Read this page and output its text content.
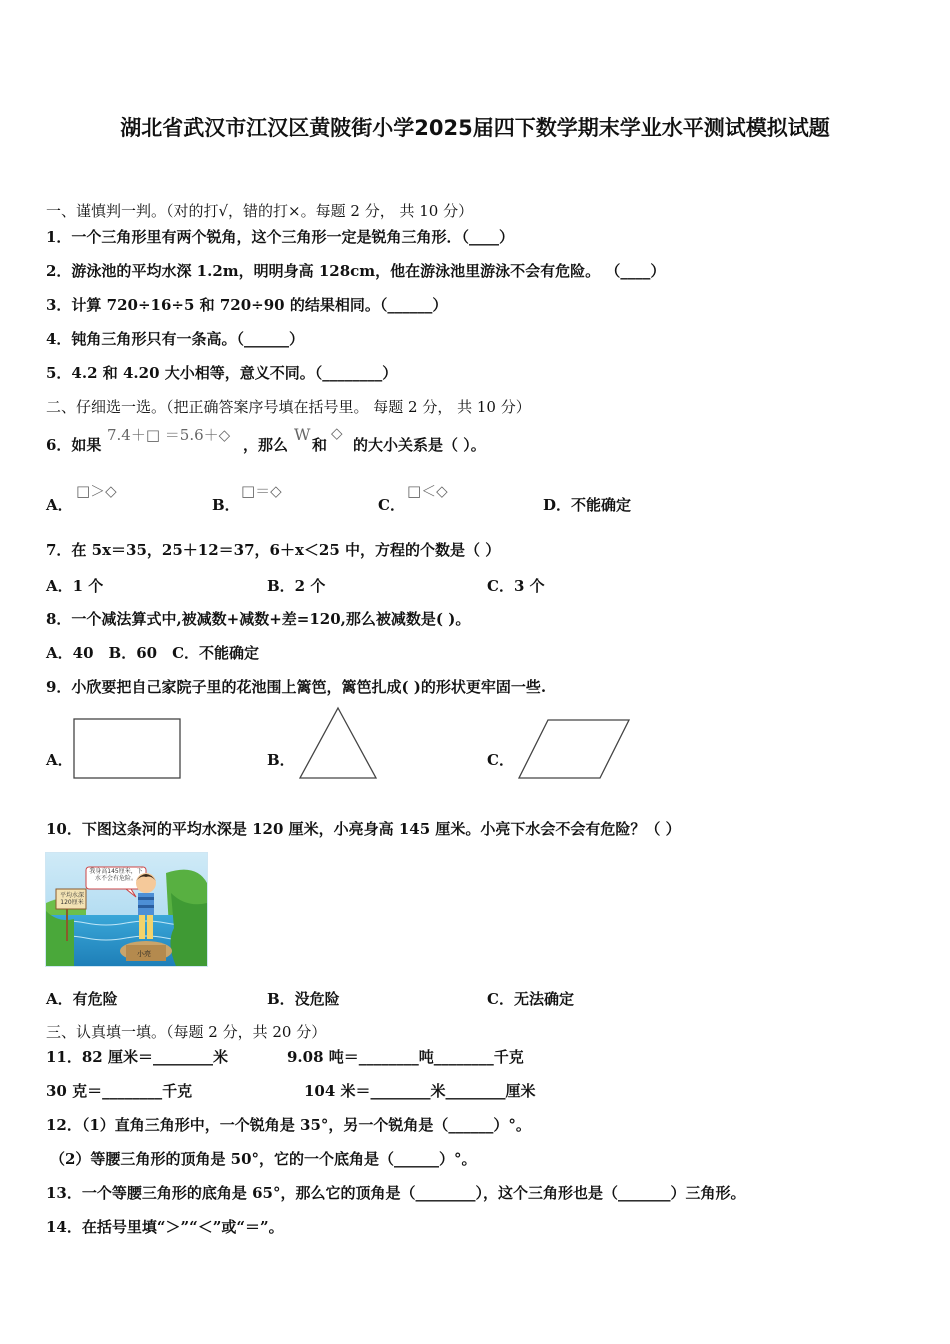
湖北省武汉市江汉区黄陂街小学2025届四下数学期末学业水平测试模拟试题
一、谨慎判一判。（对的打√，错的打×。每题 2 分， 共 10 分）
1．一个三角形里有两个锐角，这个三角形一定是锐角三角形．（____）
2．游泳池的平均水深 1.2m，明明身高 128cm，他在游泳池里游泳不会有危险。 （____）
3．计算 720÷16÷5 和 720÷90 的结果相同。（______）
4．钝角三角形只有一条高。（______）
5．4.2 和 4.20 大小相等，意义不同。（________）
二、仔细选一选。（把正确答案序号填在括号里。 每题 2 分， 共 10 分）
6．如果
7.4＋□ ＝5.6＋◇
，那么
W
和
◇
的大小关系是（ ）。
A．
□＞◇
B．
□＝◇
C．
□＜◇
D．不能确定
7．在 5x＝35，25＋12＝37，6＋x＜25 中，方程的个数是（ ）
A．1 个	B．2 个	C．3 个
8．一个减法算式中,被减数+减数+差=120,那么被减数是( )。
A．40　B．60　C．不能确定
9．小欣要把自己家院子里的花池围上篱笆，篱笆扎成( )的形状更牢固一些.
A．	B．	C．
10．下图这条河的平均水深是 120 厘米，小亮身高 145 厘米。小亮下水会不会有危险？（ ）
平均水深 120厘米
我身高145厘米，下水不会有危险。
小亮
A．有危险	B．没危险	C．无法确定
三、认真填一填。（每题 2 分，共 20 分）
11．82 厘米＝________米	9.08 吨＝________吨________千克
30 克＝________千克	104 米＝________米________厘米
12．（1）直角三角形中，一个锐角是 35°，另一个锐角是（______）°。
（2）等腰三角形的顶角是 50°，它的一个底角是（______）°。
13．一个等腰三角形的底角是 65°，那么它的顶角是（________），这个三角形也是（_______）三角形。
14．在括号里填“＞”“＜”或“＝”。
